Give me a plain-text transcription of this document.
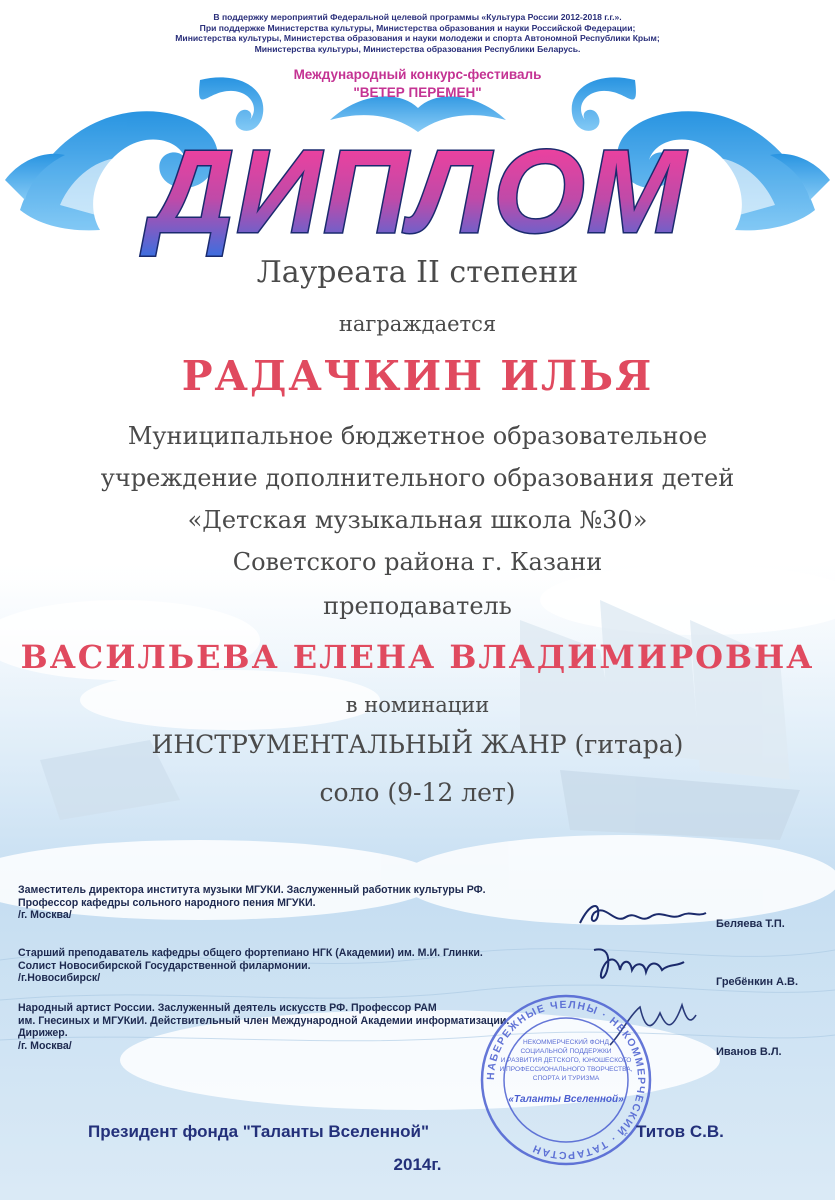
ДИПЛОМ
В поддержку мероприятий Федеральной целевой программы «Культура России 2012-2018 г.г.».
При поддержке Министерства культуры, Министерства образования и науки Российской Федерации;
Министерства культуры, Министерства образования и науки молодежи и спорта Автономной Республики Крым;
Министерства культуры, Министерства образования Республики Беларусь.
Международный конкурс-фестиваль
"ВЕТЕР ПЕРЕМЕН"
Лауреата II степени
награждается
РАДАЧКИН ИЛЬЯ
Муниципальное бюджетное образовательное
учреждение дополнительного образования детей
«Детская музыкальная школа №30»
Советского района г. Казани
преподаватель
ВАСИЛЬЕВА ЕЛЕНА ВЛАДИМИРОВНА
в номинации
ИНСТРУМЕНТАЛЬНЫЙ ЖАНР (гитара)
соло (9-12 лет)
Заместитель директора института музыки МГУКИ. Заслуженный работник культуры РФ.
Профессор кафедры сольного народного пения МГУКИ.
/г. Москва/
Беляева Т.П.
Старший преподаватель кафедры общего фортепиано НГК (Академии) им. М.И. Глинки.
Солист Новосибирской Государственной филармонии.
/г.Новосибирск/	Гребёнкин А.В.
Народный артист России. Заслуженный деятель искусств РФ. Профессор РАМ
им. Гнесиных и МГУКиИ. Действительный член Международной Академии информатизации.
Дирижер.
/г. Москва/
Иванов В.Л.
НАБЕРЕЖНЫЕ ЧЕЛНЫ · НЕКОММЕРЧЕСКИЙ · ТАТАРСТАН
НЕКОММЕРЧЕСКИЙ ФОНД
СОЦИАЛЬНОЙ ПОДДЕРЖКИ
И РАЗВИТИЯ ДЕТСКОГО, ЮНОШЕСКОГО
И ПРОФЕССИОНАЛЬНОГО ТВОРЧЕСТВА,
СПОРТА И ТУРИЗМА
«Таланты Вселенной»
Президент фонда "Таланты Вселенной"	Титов С.В.
2014г.
